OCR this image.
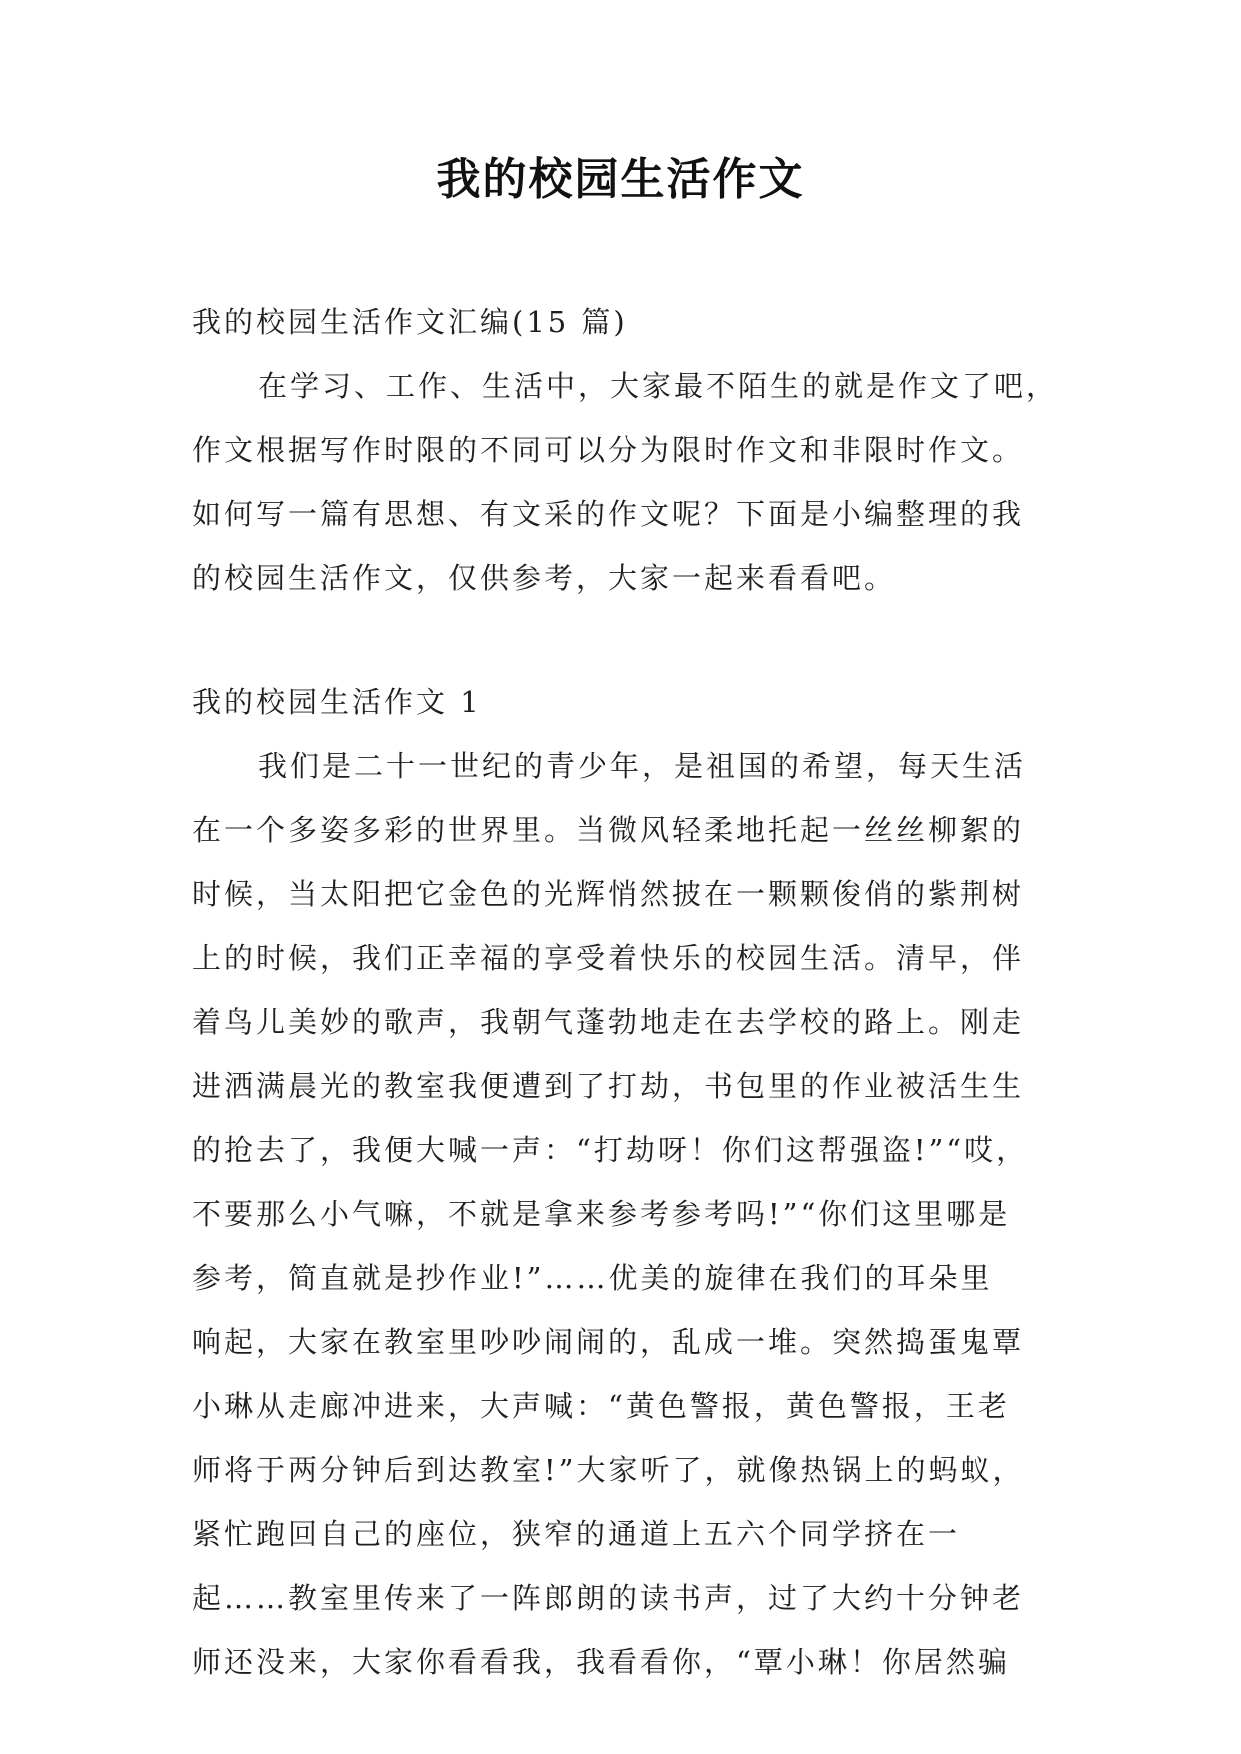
我的校园生活作文
我的校园生活作文汇编(15 篇)
在学习、工作、生活中，大家最不陌生的就是作文了吧，
作文根据写作时限的不同可以分为限时作文和非限时作文。
如何写一篇有思想、有文采的作文呢？下面是小编整理的我
的校园生活作文，仅供参考，大家一起来看看吧。
我的校园生活作文 1
我们是二十一世纪的青少年，是祖国的希望，每天生活
在一个多姿多彩的世界里。当微风轻柔地托起一丝丝柳絮的
时候，当太阳把它金色的光辉悄然披在一颗颗俊俏的紫荆树
上的时候，我们正幸福的享受着快乐的校园生活。清早，伴
着鸟儿美妙的歌声，我朝气蓬勃地走在去学校的路上。刚走
进洒满晨光的教室我便遭到了打劫，书包里的作业被活生生
的抢去了，我便大喊一声：“打劫呀！你们这帮强盗!”“哎，
不要那么小气嘛，不就是拿来参考参考吗!”“你们这里哪是
参考，简直就是抄作业!”……优美的旋律在我们的耳朵里
响起，大家在教室里吵吵闹闹的，乱成一堆。突然捣蛋鬼覃
小琳从走廊冲进来，大声喊：“黄色警报，黄色警报，王老
师将于两分钟后到达教室!”大家听了，就像热锅上的蚂蚁，
紧忙跑回自己的座位，狭窄的通道上五六个同学挤在一
起……教室里传来了一阵郎朗的读书声，过了大约十分钟老
师还没来，大家你看看我，我看看你，“覃小琳！你居然骗
